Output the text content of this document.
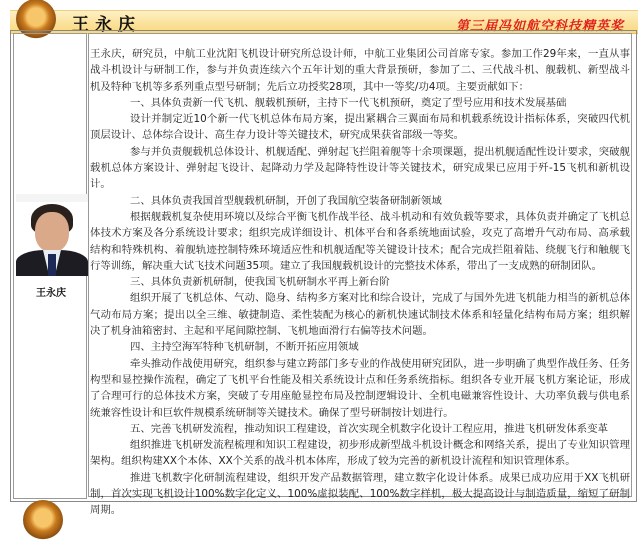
王永庆	第三届冯如航空科技精英奖
王永庆

王永庆，研究员，中航工业沈阳飞机设计研究所总设计师，中航工业集团公司首席专家。参加工作29年来，一直从事战斗机设计与研制工作，参与并负责连续六个五年计划的重大背景预研，参加了二、三代战斗机、舰载机、新型战斗机及特种飞机等多系列重点型号研制；先后立功授奖28项，其中一等奖/功4项。主要贡献如下：

一、具体负责新一代飞机、舰载机预研，主持下一代飞机预研，奠定了型号应用和技术发展基础

设计并制定近10个新一代飞机总体布局方案，提出紧耦合三翼面布局和机载系统设计指标体系，突破四代机顶层设计、总体综合设计、高生存力设计等关键技术，研究成果获省部级一等奖。

参与并负责舰载机总体设计、机舰适配、弹射起飞拦阻着舰等十余项课题，提出机舰适配性设计要求，突破舰载机总体方案设计、弹射起飞设计、起降动力学及起降特性设计等关键技术，研究成果已应用于歼-15飞机和新机设计。

二、具体负责我国首型舰载机研制，开创了我国航空装备研制新领域

根据舰载机复杂使用环境以及综合平衡飞机作战半径、战斗机动和有效负载等要求，具体负责并确定了飞机总体技术方案及各分系统设计要求；组织完成详细设计、机体平台和各系统地面试验，攻克了高增升气动布局、高承载结构和特殊机构、着舰轨迹控制特殊环境适应性和机舰适配等关键设计技术；配合完成拦阻着陆、绕舰飞行和触舰飞行等训练，解决重大试飞技术问题35项。建立了我国舰载机设计的完整技术体系，带出了一支成熟的研制团队。

三、具体负责新机研制，使我国飞机研制水平再上新台阶

组织开展了飞机总体、气动、隐身、结构多方案对比和综合设计，完成了与国外先进飞机能力相当的新机总体气动布局方案；提出以全三维、敏捷制造、柔性装配为核心的新机快速试制技术体系和轻量化结构布局方案；组织解决了机身油箱密封、主起和平尾间隙控制、飞机地面滑行右偏等技术问题。

四、主持空海军特种飞机研制，不断开拓应用领域

牵头推动作战使用研究，组织参与建立跨部门多专业的作战使用研究团队，进一步明确了典型作战任务、任务构型和显控操作流程，确定了飞机平台性能及相关系统设计点和任务系统指标。组织各专业开展飞机方案论证，形成了合理可行的总体技术方案，突破了专用座舱显控布局及控制逻辑设计、全机电磁兼容性设计、大功率负载与供电系统兼容性设计和巨软件规模系统研制等关键技术。确保了型号研制按计划进行。

五、完善飞机研发流程，推动知识工程建设，首次实现全机数字化设计工程应用，推进飞机研发体系变革

组织推进飞机研发流程梳理和知识工程建设，初步形成新型战斗机设计概念和网络关系，提出了专业知识管理架构。组织构建XX个本体、XX个关系的战斗机本体库，形成了较为完善的新机设计流程和知识管理体系。

推进飞机数字化研制流程建设，组织开发产品数据管理，建立数字化设计体系。成果已成功应用于XX飞机研制，首次实现飞机设计100%数字化定义、100%虚拟装配、100%数字样机，极大提高设计与制造质量，缩短了研制周期。
